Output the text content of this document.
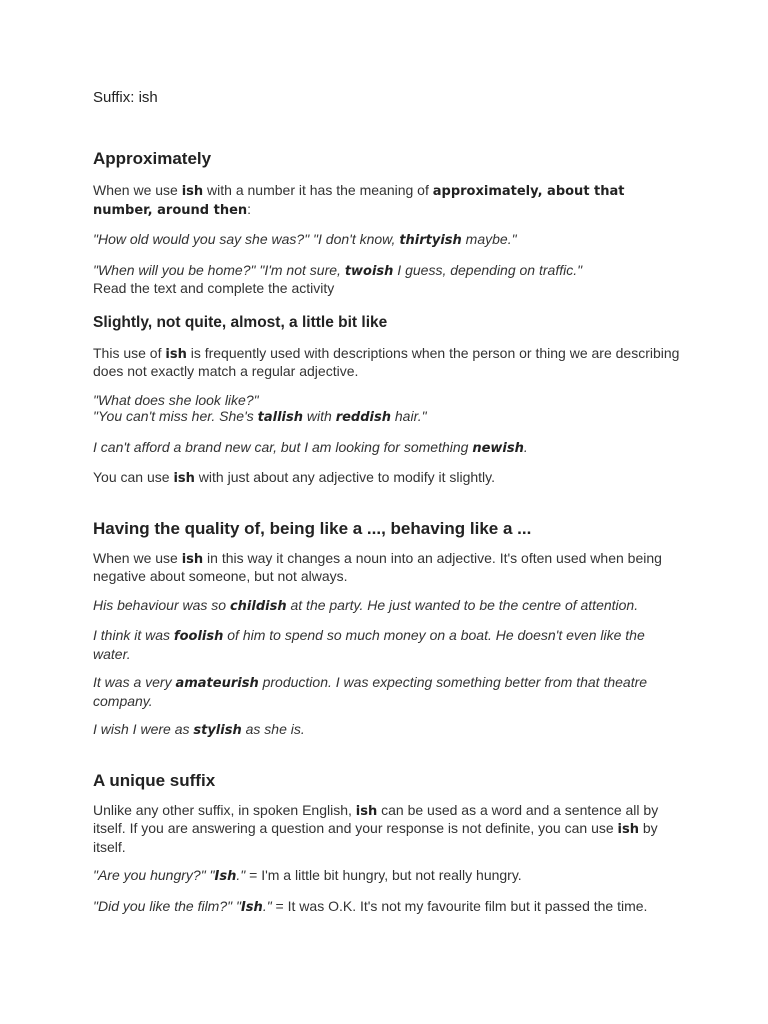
Suffix: ish

Approximately

When we use ish with a number it has the meaning of approximately, about that number, around then:

"How old would you say she was?" "I don't know, thirtyish maybe."

"When will you be home?" "I'm not sure, twoish I guess, depending on traffic."
Read the text and complete the activity

Slightly, not quite, almost, a little bit like

This use of ish is frequently used with descriptions when the person or thing we are describing does not exactly match a regular adjective.

"What does she look like?"
"You can't miss her. She's tallish with reddish hair."

I can't afford a brand new car, but I am looking for something newish.

You can use ish with just about any adjective to modify it slightly.

Having the quality of, being like a ..., behaving like a ...

When we use ish in this way it changes a noun into an adjective. It's often used when being negative about someone, but not always.

His behaviour was so childish at the party. He just wanted to be the centre of attention.

I think it was foolish of him to spend so much money on a boat. He doesn't even like the water.

It was a very amateurish production. I was expecting something better from that theatre company.

I wish I were as stylish as she is.

A unique suffix

Unlike any other suffix, in spoken English, ish can be used as a word and a sentence all by itself. If you are answering a question and your response is not definite, you can use ish by itself.

"Are you hungry?" "Ish." = I'm a little bit hungry, but not really hungry.

"Did you like the film?" "Ish." = It was O.K. It's not my favourite film but it passed the time.
